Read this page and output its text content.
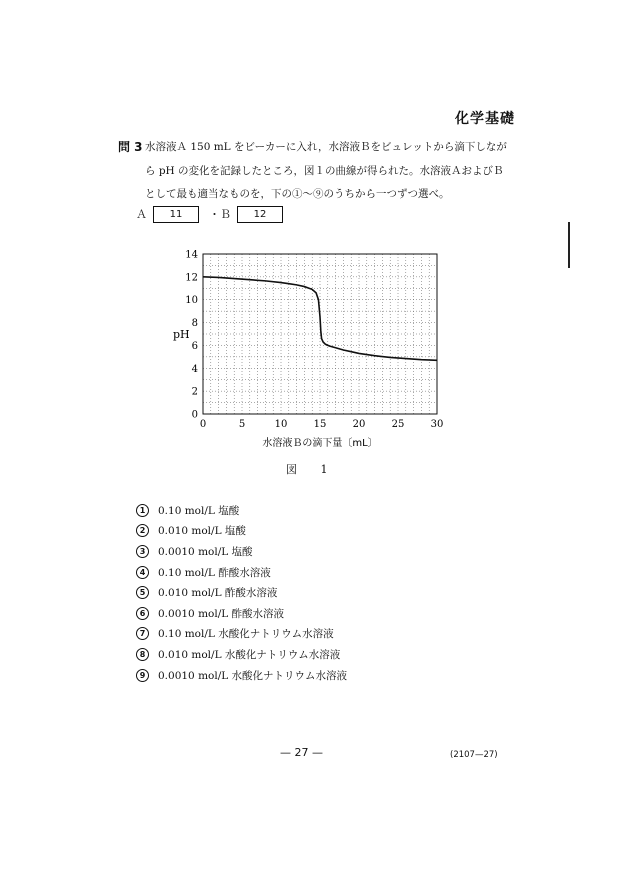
化学基礎
問 3 水溶液Ａ 150 mL をビーカーに入れ，水溶液Ｂをビュレットから滴下しなが
ら pH の変化を記録したところ，図１の曲線が得られた。水溶液ＡおよびＢ
として最も適当なものを，下の①～⑨のうちから一つずつ選べ。
Ａ	11	・Ｂ	12
0	5	10	15	20	25	30
0
2
4
6
8
10
12
14
pH
水溶液Ｂの滴下量〔mL〕
図 1
1	0.10 mol/L 塩酸
2	0.010 mol/L 塩酸
3	0.0010 mol/L 塩酸
4	0.10 mol/L 酢酸水溶液
5	0.010 mol/L 酢酸水溶液
6	0.0010 mol/L 酢酸水溶液
7	0.10 mol/L 水酸化ナトリウム水溶液
8	0.010 mol/L 水酸化ナトリウム水溶液
9	0.0010 mol/L 水酸化ナトリウム水溶液
— 27 —	(2107—27)
